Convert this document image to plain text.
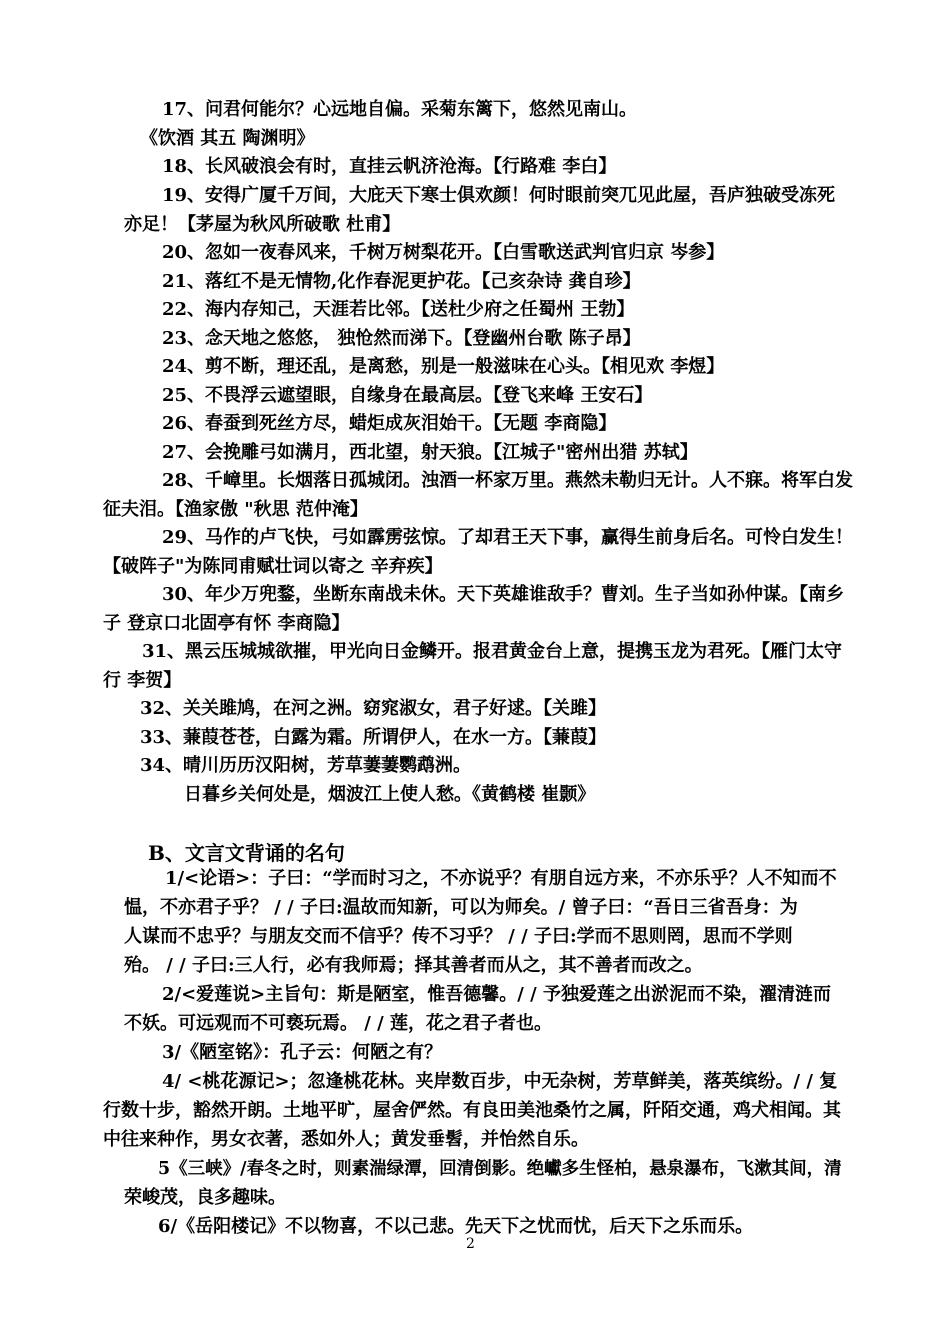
17、问君何能尔？心远地自偏。采菊东篱下，悠然见南山。
《饮酒 其五 陶渊明》
18、长风破浪会有时，直挂云帆济沧海。【行路难 李白】
19、安得广厦千万间，大庇天下寒士俱欢颜！何时眼前突兀见此屋，吾庐独破受冻死
亦足！【茅屋为秋风所破歌 杜甫】
20、忽如一夜春风来，千树万树梨花开。【白雪歌送武判官归京 岑参】
21、落红不是无情物,化作春泥更护花。【己亥杂诗 龚自珍】
22、海内存知己，天涯若比邻。【送杜少府之任蜀州 王勃】
23、念天地之悠悠， 独怆然而涕下。【登幽州台歌 陈子昂】
24、剪不断，理还乱，是离愁，别是一般滋味在心头。【相见欢 李煜】
25、不畏浮云遮望眼，自缘身在最高层。【登飞来峰 王安石】
26、春蚕到死丝方尽，蜡炬成灰泪始干。【无题 李商隐】
27、会挽雕弓如满月，西北望，射天狼。【江城子"密州出猎 苏轼】
28、千嶂里。长烟落日孤城闭。浊酒一杯家万里。燕然未勒归无计。人不寐。将军白发
征夫泪。【渔家傲 "秋思 范仲淹】
29、马作的卢飞快，弓如霹雳弦惊。了却君王天下事，赢得生前身后名。可怜白发生！
【破阵子"为陈同甫赋壮词以寄之 辛弃疾】
30、年少万兜鍪，坐断东南战未休。天下英雄谁敌手？曹刘。生子当如孙仲谋。【南乡
子 登京口北固亭有怀 李商隐】
31、黑云压城城欲摧，甲光向日金鳞开。报君黄金台上意，提携玉龙为君死。【雁门太守
行 李贺】
32、关关雎鸠，在河之洲。窈窕淑女，君子好逑。【关雎】
33、蒹葭苍苍，白露为霜。所谓伊人，在水一方。【蒹葭】
34、晴川历历汉阳树，芳草萋萋鹦鹉洲。
日暮乡关何处是，烟波江上使人愁。《黄鹤楼 崔颢》
B、文言文背诵的名句
1/<论语>：子曰：“学而时习之，不亦说乎？有朋自远方来，不亦乐乎？人不知而不
愠，不亦君子乎？ / / 子曰:温故而知新，可以为师矣。/ 曾子曰：“吾日三省吾身：为
人谋而不忠乎？与朋友交而不信乎？传不习乎？ / / 子曰:学而不思则罔，思而不学则
殆。 / / 子曰:三人行，必有我师焉；择其善者而从之，其不善者而改之。
2/<爱莲说>主旨句：斯是陋室，惟吾德馨。/ / 予独爱莲之出淤泥而不染，濯清涟而
不妖。可远观而不可亵玩焉。 / / 莲，花之君子者也。
3/《陋室铭》：孔子云：何陋之有？
4/ <桃花源记>；忽逢桃花林。夹岸数百步，中无杂树，芳草鲜美，落英缤纷。/ / 复
行数十步，豁然开朗。土地平旷，屋舍俨然。有良田美池桑竹之属，阡陌交通，鸡犬相闻。其
中往来种作，男女衣著，悉如外人；黄发垂髫，并怡然自乐。
5《三峡》/春冬之时，则素湍绿潭，回清倒影。绝巘多生怪柏，悬泉瀑布，飞漱其间，清
荣峻茂，良多趣味。
6/《岳阳楼记》不以物喜，不以己悲。先天下之忧而忧，后天下之乐而乐。
2
